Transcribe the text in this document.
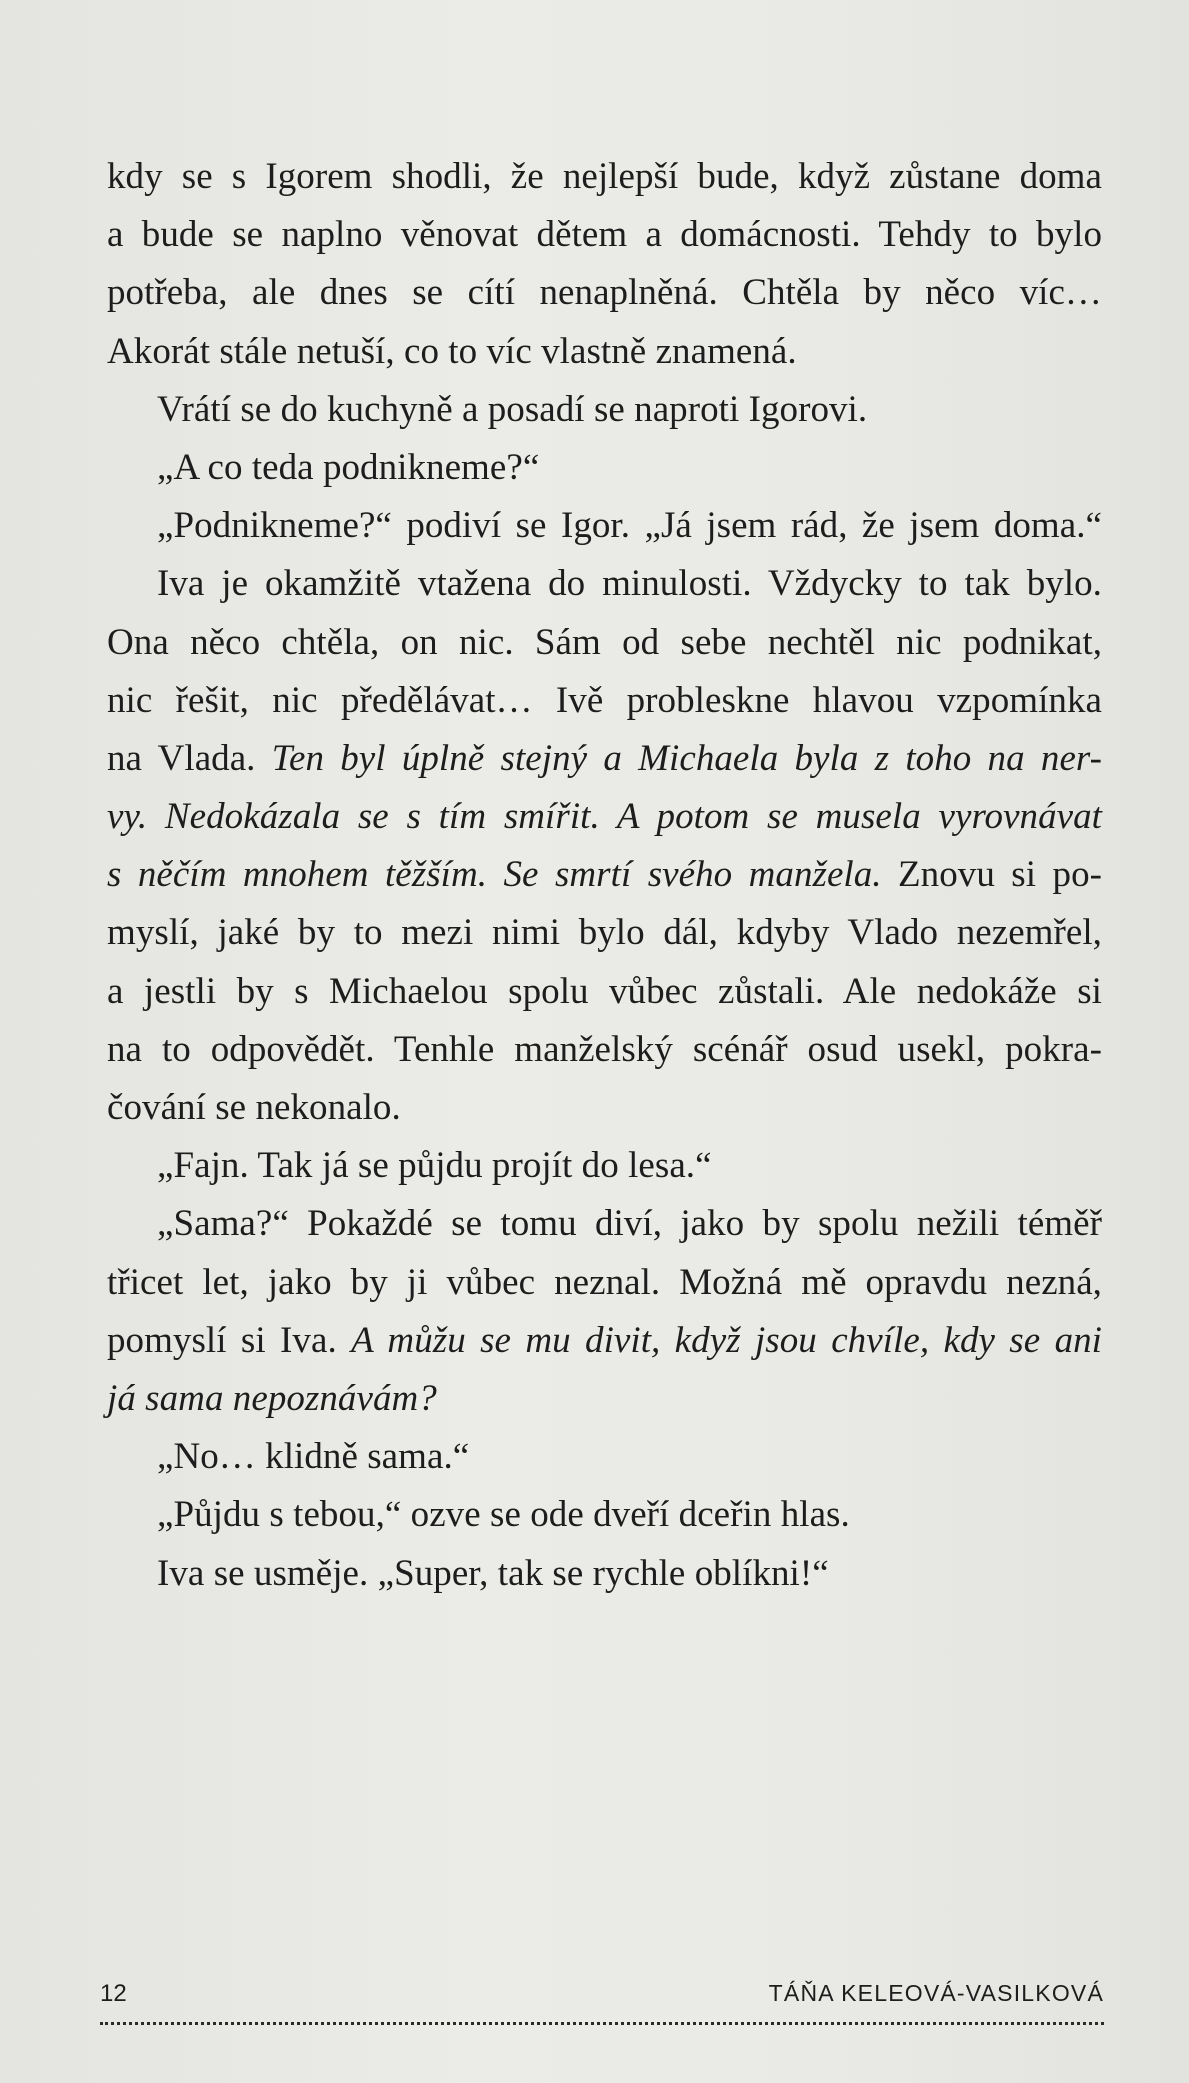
kdy se s Igorem shodli, že nejlepší bude, když zůstane doma
a bude se naplno věnovat dětem a domácnosti. Tehdy to bylo
potřeba, ale dnes se cítí nenaplněná. Chtěla by něco víc…
Akorát stále netuší, co to víc vlastně znamená.
Vrátí se do kuchyně a posadí se naproti Igorovi.
„A co teda podnikneme?“
„Podnikneme?“ podiví se Igor. „Já jsem rád, že jsem doma.“
Iva je okamžitě vtažena do minulosti. Vždycky to tak bylo.
Ona něco chtěla, on nic. Sám od sebe nechtěl nic podnikat,
nic řešit, nic předělávat… Ivě probleskne hlavou vzpomínka
na Vlada. Ten byl úplně stejný a Michaela byla z toho na ner-
vy. Nedokázala se s tím smířit. A potom se musela vyrovnávat
s něčím mnohem těžším. Se smrtí svého manžela. Znovu si po-
myslí, jaké by to mezi nimi bylo dál, kdyby Vlado nezemřel,
a jestli by s Michaelou spolu vůbec zůstali. Ale nedokáže si
na to odpovědět. Tenhle manželský scénář osud usekl, pokra-
čování se nekonalo.
„Fajn. Tak já se půjdu projít do lesa.“
„Sama?“ Pokaždé se tomu diví, jako by spolu nežili téměř
třicet let, jako by ji vůbec neznal. Možná mě opravdu nezná,
pomyslí si Iva. A můžu se mu divit, když jsou chvíle, kdy se ani
já sama nepoznávám?
„No… klidně sama.“
„Půjdu s tebou,“ ozve se ode dveří dceřin hlas.
Iva se usměje. „Super, tak se rychle oblíkni!“
12	TÁŇA KELEOVÁ-VASILKOVÁ
